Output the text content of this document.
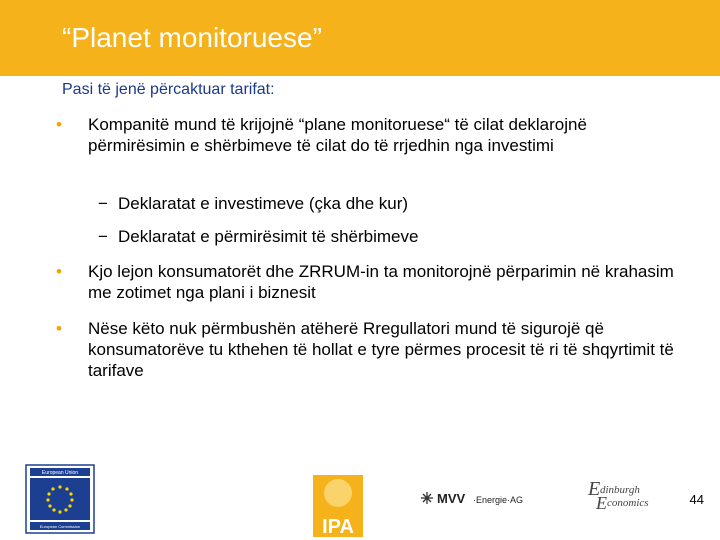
“Planet monitoruese”
Pasi të jenë përcaktuar tarifat:
• Kompanitë mund të krijojnë “plane monitoruese“ të cilat deklarojnë përmirësimin e shërbimeve të cilat do të rrjedhin nga investimi
− Deklaratat e investimeve (çka dhe kur)
− Deklaratat e përmirësimit të shërbimeve
• Kjo lejon konsumatorët dhe ZRRUM-in ta monitorojnë përparimin në krahasim me zotimet nga plani i biznesit
• Nëse këto nuk përmbushën atëherë Rregullatori mund të sigurojë që konsumatorëve tu kthehen të hollat e tyre përmes procesit të ri të shqyrtimit të tarifave
European Union
European Commission	IPA
MVV ·Energie·AG	E dinburgh
E conomics	44
